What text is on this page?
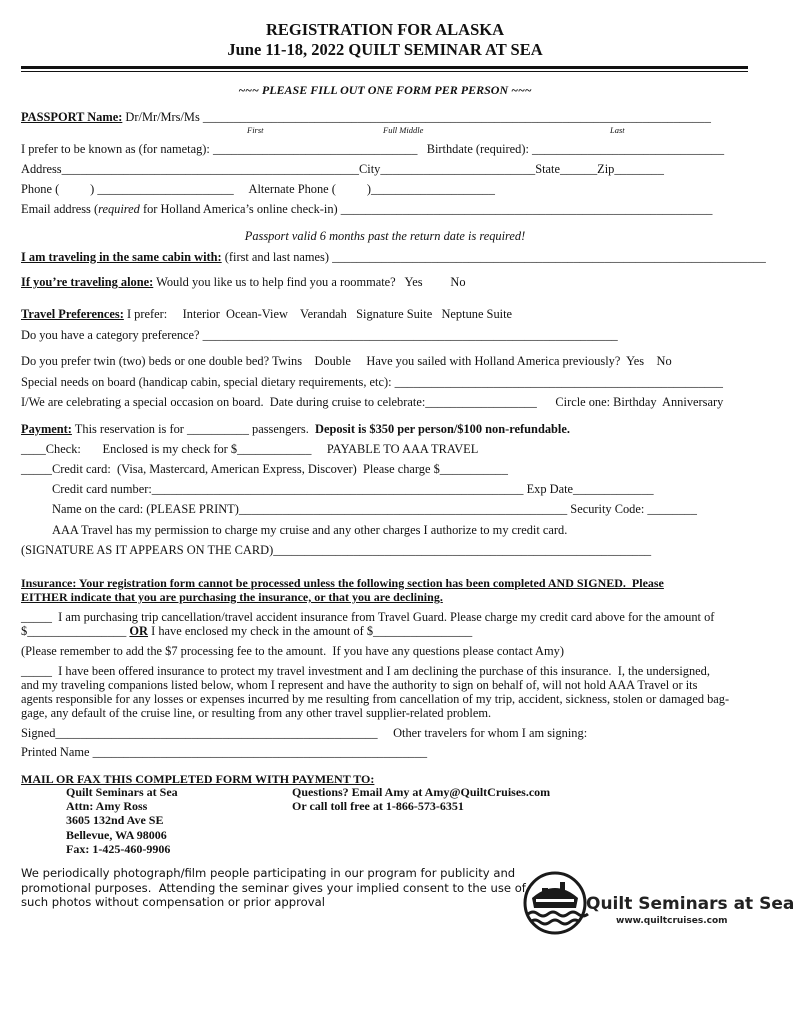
REGISTRATION FOR ALASKA
June 11-18, 2022 QUILT SEMINAR AT SEA
~~~ PLEASE FILL OUT ONE FORM PER PERSON ~~~
PASSPORT Name: Dr/Mr/Mrs/Ms __________________________________________________________________________________
First	Full Middle	Last
I prefer to be known as (for nametag): _________________________________   Birthdate (required): _______________________________
Address________________________________________________City_________________________State______Zip________
Phone (          ) ______________________     Alternate Phone (          )____________________
Email address (required for Holland America’s online check-in) ____________________________________________________________
Passport valid 6 months past the return date is required!
I am traveling in the same cabin with: (first and last names) ______________________________________________________________________
If you’re traveling alone: Would you like us to help find you a roommate?   Yes         No
Travel Preferences: I prefer:     Interior  Ocean-View    Verandah   Signature Suite   Neptune Suite
Do you have a category preference? ___________________________________________________________________
Do you prefer twin (two) beds or one double bed? Twins    Double     Have you sailed with Holland America previously?  Yes    No
Special needs on board (handicap cabin, special dietary requirements, etc): _____________________________________________________
I/We are celebrating a special occasion on board.  Date during cruise to celebrate:__________________      Circle one: Birthday  Anniversary
Payment: This reservation is for __________ passengers.  Deposit is $350 per person/$100 non-refundable.
____Check:       Enclosed is my check for $____________     PAYABLE TO AAA TRAVEL
_____Credit card:  (Visa, Mastercard, American Express, Discover)  Please charge $___________
Credit card number:____________________________________________________________ Exp Date_____________
Name on the card: (PLEASE PRINT)_____________________________________________________ Security Code: ________
AAA Travel has my permission to charge my cruise and any other charges I authorize to my credit card.
(SIGNATURE AS IT APPEARS ON THE CARD)_____________________________________________________________
Insurance: Your registration form cannot be processed unless the following section has been completed AND SIGNED.  Please
EITHER indicate that you are purchasing the insurance, or that you are declining.
_____  I am purchasing trip cancellation/travel accident insurance from Travel Guard. Please charge my credit card above for the amount of
$________________ OR I have enclosed my check in the amount of $________________
(Please remember to add the $7 processing fee to the amount.  If you have any questions please contact Amy)
_____  I have been offered insurance to protect my travel investment and I am declining the purchase of this insurance.  I, the undersigned,
and my traveling companions listed below, whom I represent and have the authority to sign on behalf of, will not hold AAA Travel or its
agents responsible for any losses or expenses incurred by me resulting from cancellation of my trip, accident, sickness, stolen or damaged bag-
gage, any default of the cruise line, or resulting from any other travel supplier-related problem.
Signed____________________________________________________     Other travelers for whom I am signing:
Printed Name ______________________________________________________
MAIL OR FAX THIS COMPLETED FORM WITH PAYMENT TO:
Quilt Seminars at Sea
Attn: Amy Ross
3605 132nd Ave SE
Bellevue, WA 98006
Fax: 1-425-460-9906
Questions? Email Amy at Amy@QuiltCruises.com
Or call toll free at 1-866-573-6351
We periodically photograph/film people participating in our program for publicity and
promotional purposes.  Attending the seminar gives your implied consent to the use of
such photos without compensation or prior approval	Quilt Seminars at Sea
www.quiltcruises.com
